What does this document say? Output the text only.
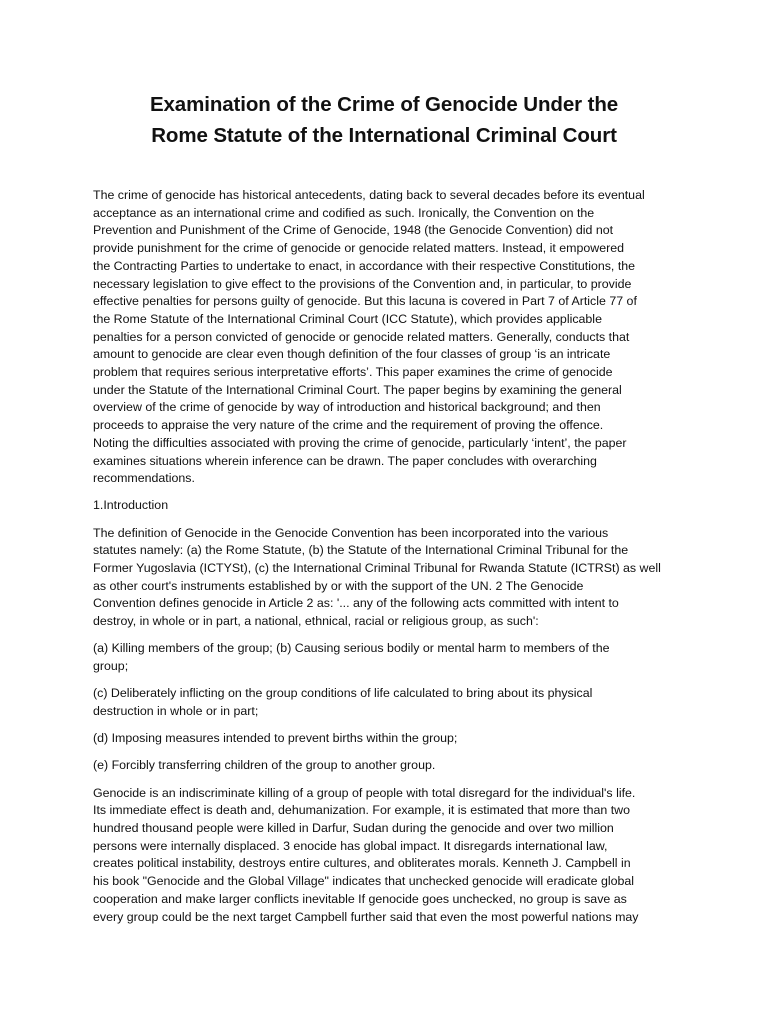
Examination of the Crime of Genocide Under the
Rome Statute of the International Criminal Court

The crime of genocide has historical antecedents, dating back to several decades before its eventual
acceptance as an international crime and codified as such. Ironically, the Convention on the
Prevention and Punishment of the Crime of Genocide, 1948 (the Genocide Convention) did not
provide punishment for the crime of genocide or genocide related matters. Instead, it empowered
the Contracting Parties to undertake to enact, in accordance with their respective Constitutions, the
necessary legislation to give effect to the provisions of the Convention and, in particular, to provide
effective penalties for persons guilty of genocide. But this lacuna is covered in Part 7 of Article 77 of
the Rome Statute of the International Criminal Court (ICC Statute), which provides applicable
penalties for a person convicted of genocide or genocide related matters. Generally, conducts that
amount to genocide are clear even though definition of the four classes of group ‘is an intricate
problem that requires serious interpretative efforts’. This paper examines the crime of genocide
under the Statute of the International Criminal Court. The paper begins by examining the general
overview of the crime of genocide by way of introduction and historical background; and then
proceeds to appraise the very nature of the crime and the requirement of proving the offence.
Noting the difficulties associated with proving the crime of genocide, particularly ‘intent’, the paper
examines situations wherein inference can be drawn. The paper concludes with overarching
recommendations.

1.Introduction

The definition of Genocide in the Genocide Convention has been incorporated into the various
statutes namely: (a) the Rome Statute, (b) the Statute of the International Criminal Tribunal for the
Former Yugoslavia (ICTYSt), (c) the International Criminal Tribunal for Rwanda Statute (ICTRSt) as well
as other court's instruments established by or with the support of the UN. 2 The Genocide
Convention defines genocide in Article 2 as: '... any of the following acts committed with intent to
destroy, in whole or in part, a national, ethnical, racial or religious group, as such':

(a) Killing members of the group; (b) Causing serious bodily or mental harm to members of the
group;

(c) Deliberately inflicting on the group conditions of life calculated to bring about its physical
destruction in whole or in part;

(d) Imposing measures intended to prevent births within the group;

(e) Forcibly transferring children of the group to another group.

Genocide is an indiscriminate killing of a group of people with total disregard for the individual's life.
Its immediate effect is death and, dehumanization. For example, it is estimated that more than two
hundred thousand people were killed in Darfur, Sudan during the genocide and over two million
persons were internally displaced. 3 enocide has global impact. It disregards international law,
creates political instability, destroys entire cultures, and obliterates morals. Kenneth J. Campbell in
his book "Genocide and the Global Village" indicates that unchecked genocide will eradicate global
cooperation and make larger conflicts inevitable If genocide goes unchecked, no group is save as
every group could be the next target Campbell further said that even the most powerful nations may
